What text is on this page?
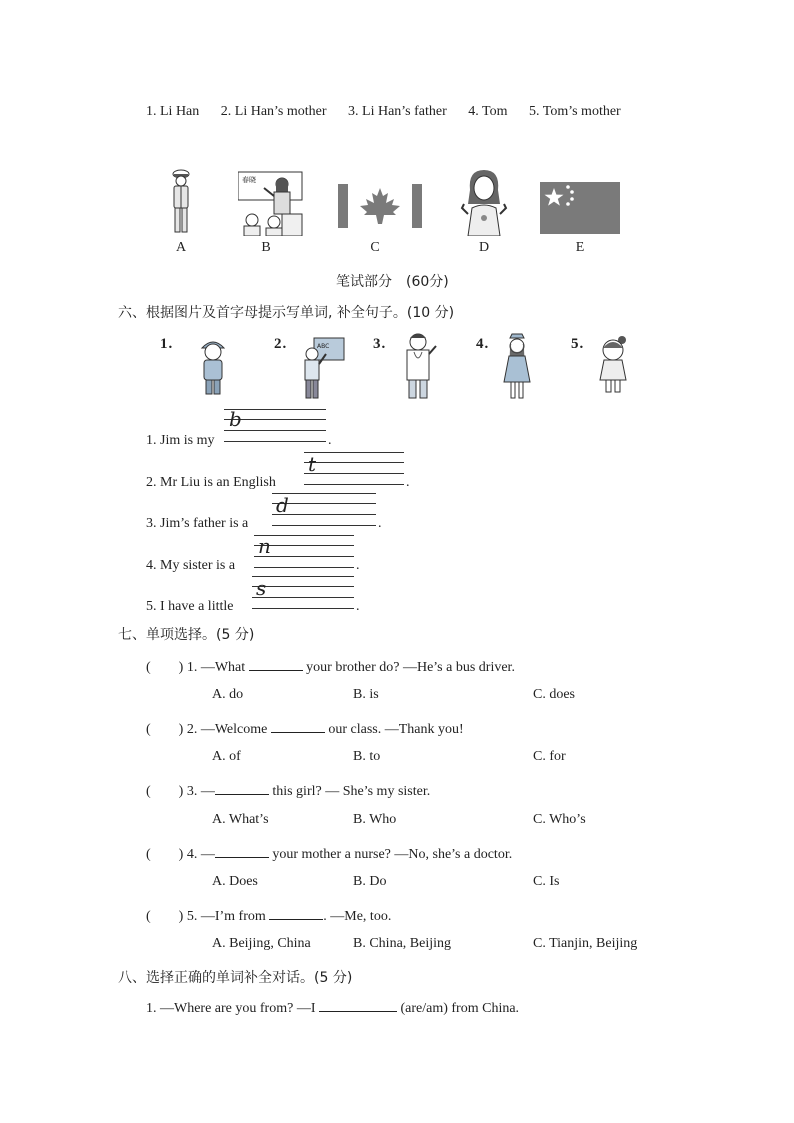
1. Li Han 2. Li Han’s mother 3. Li Han’s father 4. Tom 5. Tom’s mother
A
春晓
B	C	D	E
笔试部分　(60分)
六、根据图片及首字母提示写单词, 补全句子。(10 分)
1.	2.	3.	4.	5.
ABC
1. Jim is my
b
.
2. Mr Liu is an English
t
.
3. Jim’s father is a
d
.
4. My sister is a
n
.
5. I have a little
s
.
七、单项选择。(5 分)
(　　) 1. —What	your brother do? —He’s a bus driver.
A. do	B. is	C. does
(　　) 2. —Welcome	our class. —Thank you!
A. of	B. to	C. for
(　　) 3. —	this girl? — She’s my sister.
A. What’s	B. Who	C. Who’s
(　　) 4. —	your mother a nurse? —No, she’s a doctor.
A. Does	B. Do	C. Is
(　　) 5. —I’m from	. —Me, too.
A. Beijing, China	B. China, Beijing	C. Tianjin, Beijing
八、选择正确的单词补全对话。(5 分)
1. —Where are you from? —I	(are/am) from China.
